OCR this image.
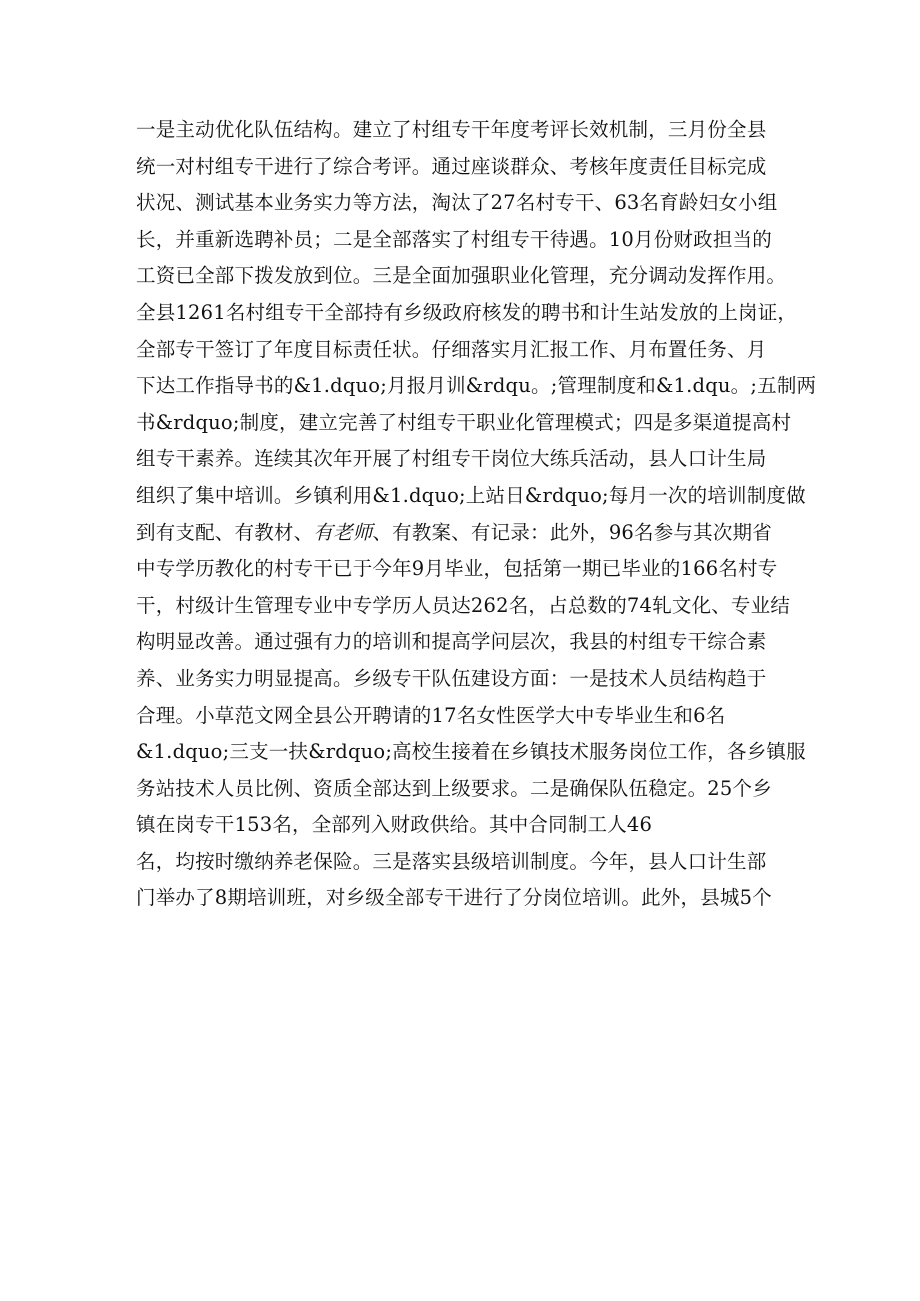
一是主动优化队伍结构。建立了村组专干年度考评长效机制，三月份全县
统一对村组专干进行了综合考评。通过座谈群众、考核年度责任目标完成
状况、测试基本业务实力等方法，淘汰了27名村专干、63名育龄妇女小组
长，并重新选聘补员；二是全部落实了村组专干待遇。10月份财政担当的
工资已全部下拨发放到位。三是全面加强职业化管理，充分调动发挥作用。
全县1261名村组专干全部持有乡级政府核发的聘书和计生站发放的上岗证，
全部专干签订了年度目标责任状。仔细落实月汇报工作、月布置任务、月
下达工作指导书的&1.dquo;月报月训&rdqu。;管理制度和&1.dqu。;五制两
书&rdquo;制度，建立完善了村组专干职业化管理模式；四是多渠道提高村
组专干素养。连续其次年开展了村组专干岗位大练兵活动，县人口计生局
组织了集中培训。乡镇利用&1.dquo;上站日&rdquo;每月一次的培训制度做
到有支配、有教材、有老师、有教案、有记录：此外，96名参与其次期省
中专学历教化的村专干已于今年9月毕业，包括第一期已毕业的166名村专
干，村级计生管理专业中专学历人员达262名，占总数的74轧文化、专业结
构明显改善。通过强有力的培训和提高学问层次，我县的村组专干综合素
养、业务实力明显提高。乡级专干队伍建设方面：一是技术人员结构趋于
合理。小草范文网全县公开聘请的17名女性医学大中专毕业生和6名
&1.dquo;三支一扶&rdquo;高校生接着在乡镇技术服务岗位工作，各乡镇服
务站技术人员比例、资质全部达到上级要求。二是确保队伍稳定。25个乡
镇在岗专干153名，全部列入财政供给。其中合同制工人46
名，均按时缴纳养老保险。三是落实县级培训制度。今年，县人口计生部
门举办了8期培训班，对乡级全部专干进行了分岗位培训。此外，县城5个
